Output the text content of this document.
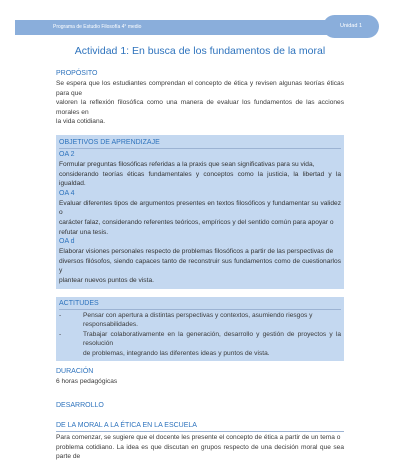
Programa de Estudio Filosofía 4° medio	Unidad 1
Actividad 1: En busca de los fundamentos de la moral

PROPÓSITO

Se espera que los estudiantes comprendan el concepto de ética y revisen algunas teorías éticas para que

valoren la reflexión filosófica como una manera de evaluar los fundamentos de las acciones morales en

la vida cotidiana.

OBJETIVOS DE APRENDIZAJE

OA 2

Formular preguntas filosóficas referidas a la praxis que sean significativas para su vida,

considerando teorías éticas fundamentales y conceptos como la justicia, la libertad y la igualdad.

OA 4

Evaluar diferentes tipos de argumentos presentes en textos filosóficos y fundamentar su validez o

carácter falaz, considerando referentes teóricos, empíricos y del sentido común para apoyar o

refutar una tesis.

OA d

Elaborar visiones personales respecto de problemas filosóficos a partir de las perspectivas de

diversos filósofos, siendo capaces tanto de reconstruir sus fundamentos como de cuestionarlos y

plantear nuevos puntos de vista.

ACTITUDES

-	Pensar con apertura a distintas perspectivas y contextos, asumiendo riesgos y
responsabilidades.
-	Trabajar colaborativamente en la generación, desarrollo y gestión de proyectos y la resolución
de problemas, integrando las diferentes ideas y puntos de vista.

DURACIÓN

6 horas pedagógicas

DESARROLLO

DE LA MORAL A LA ÉTICA EN LA ESCUELA

Para comenzar, se sugiere que el docente les presente el concepto de ética a partir de un tema o

problema cotidiano. La idea es que discutan en grupos respecto de una decisión moral que sea parte de
